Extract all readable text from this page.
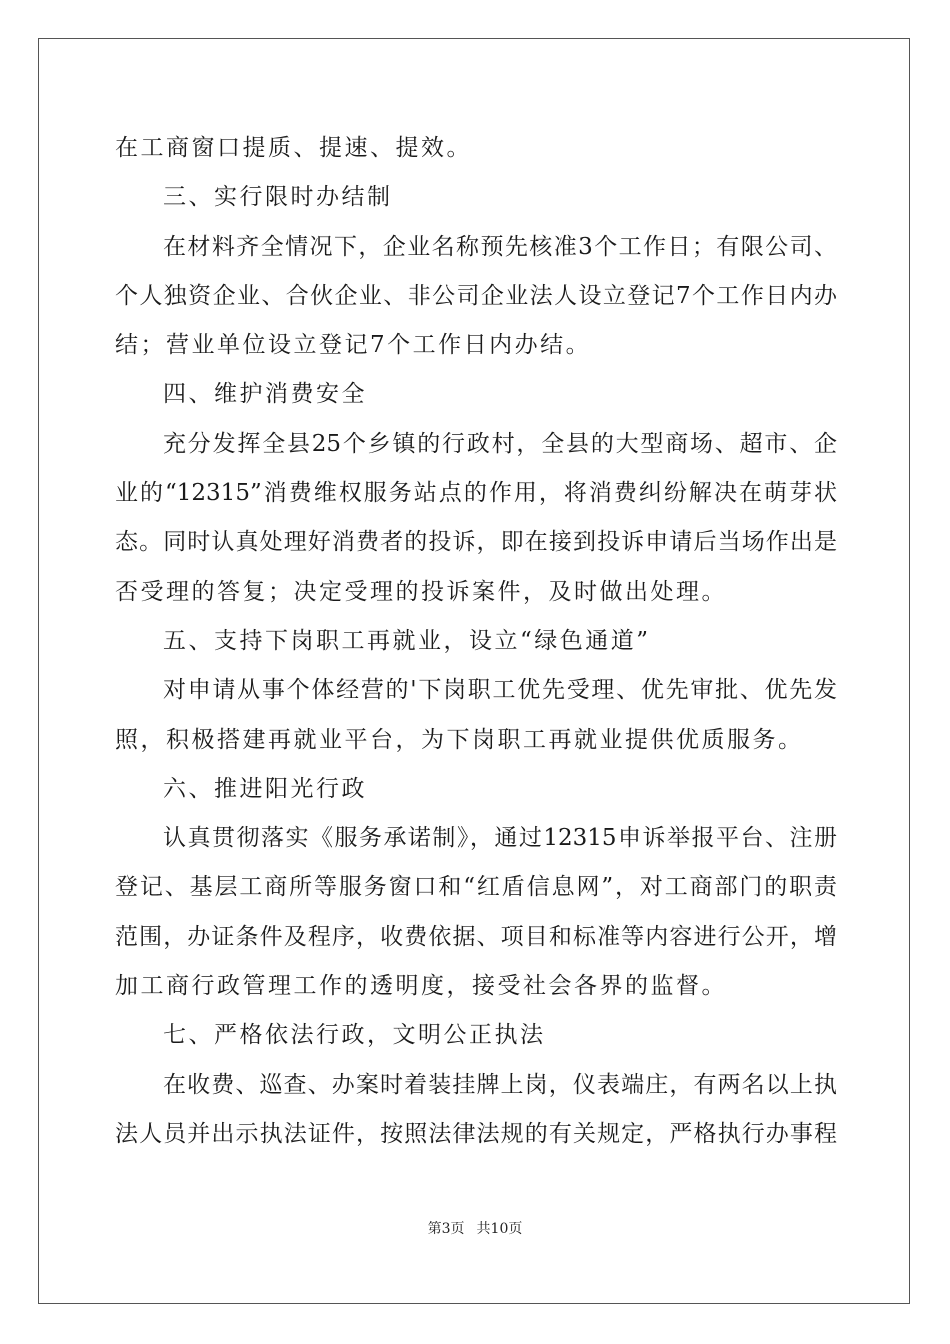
在工商窗口提质、提速、提效。
三、实行限时办结制
在材料齐全情况下，企业名称预先核准3个工作日；有限公司、
个人独资企业、合伙企业、非公司企业法人设立登记7个工作日内办
结；营业单位设立登记7个工作日内办结。
四、维护消费安全
充分发挥全县25个乡镇的行政村，全县的大型商场、超市、企
业的“12315”消费维权服务站点的作用，将消费纠纷解决在萌芽状
态。同时认真处理好消费者的投诉，即在接到投诉申请后当场作出是
否受理的答复；决定受理的投诉案件，及时做出处理。
五、支持下岗职工再就业，设立“绿色通道”
对申请从事个体经营的'下岗职工优先受理、优先审批、优先发
照，积极搭建再就业平台，为下岗职工再就业提供优质服务。
六、推进阳光行政
认真贯彻落实《服务承诺制》，通过12315申诉举报平台、注册
登记、基层工商所等服务窗口和“红盾信息网”，对工商部门的职责
范围，办证条件及程序，收费依据、项目和标准等内容进行公开，增
加工商行政管理工作的透明度，接受社会各界的监督。
七、严格依法行政，文明公正执法
在收费、巡查、办案时着装挂牌上岗，仪表端庄，有两名以上执
法人员并出示执法证件，按照法律法规的有关规定，严格执行办事程
第3页 共10页
